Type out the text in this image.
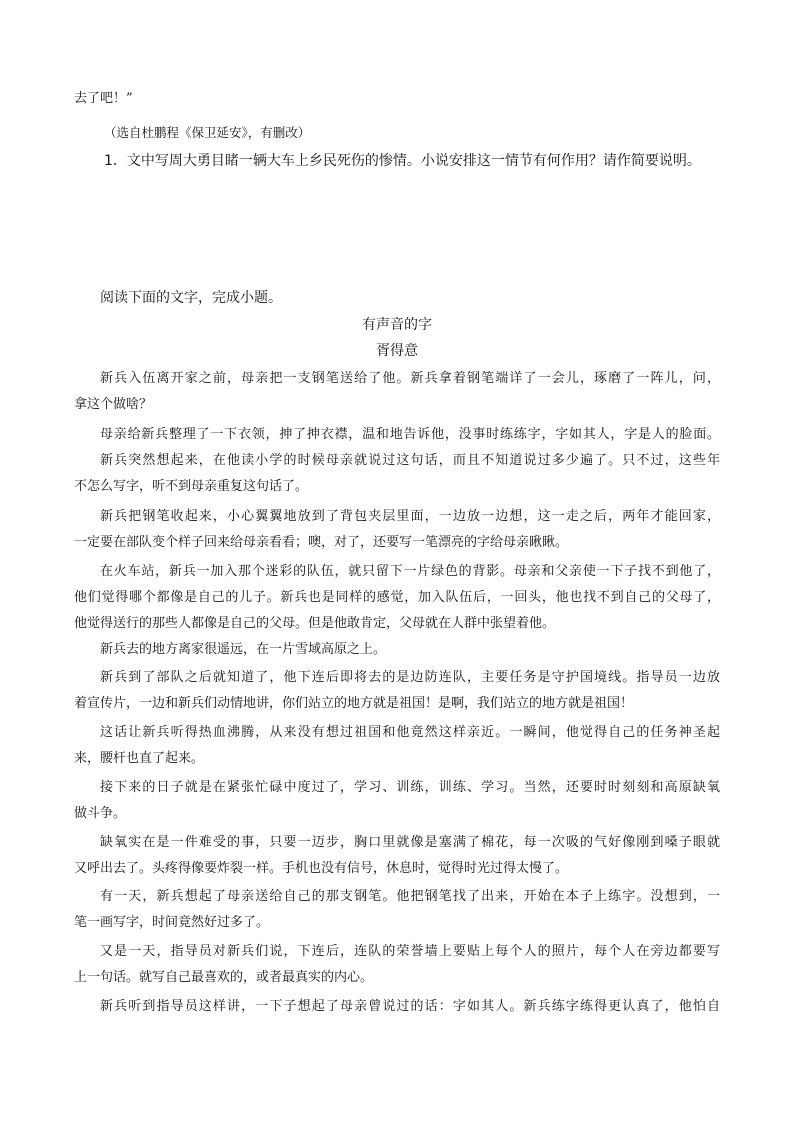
去了吧！”
（选自杜鹏程《保卫延安》，有删改）
1．文中写周大勇目睹一辆大车上乡民死伤的惨情。小说安排这一情节有何作用？请作简要说明。
阅读下面的文字，完成小题。
有声音的字
胥得意
新兵入伍离开家之前，母亲把一支钢笔送给了他。新兵拿着钢笔端详了一会儿，琢磨了一阵儿，问，
拿这个做啥？
母亲给新兵整理了一下衣领，抻了抻衣襟，温和地告诉他，没事时练练字，字如其人，字是人的脸面。
新兵突然想起来，在他读小学的时候母亲就说过这句话，而且不知道说过多少遍了。只不过，这些年
不怎么写字，听不到母亲重复这句话了。
新兵把钢笔收起来，小心翼翼地放到了背包夹层里面，一边放一边想，这一走之后，两年才能回家，
一定要在部队变个样子回来给母亲看看；噢，对了，还要写一笔漂亮的字给母亲瞅瞅。
在火车站，新兵一加入那个迷彩的队伍，就只留下一片绿色的背影。母亲和父亲使一下子找不到他了，
他们觉得哪个都像是自己的儿子。新兵也是同样的感觉，加入队伍后，一回头，他也找不到自己的父母了，
他觉得送行的那些人都像是自己的父母。但是他敢肯定，父母就在人群中张望着他。
新兵去的地方离家很遥远，在一片雪域高原之上。
新兵到了部队之后就知道了，他下连后即将去的是边防连队，主要任务是守护国境线。指导员一边放
着宣传片，一边和新兵们动情地讲，你们站立的地方就是祖国！是啊，我们站立的地方就是祖国！
这话让新兵听得热血沸腾，从来没有想过祖国和他竟然这样亲近。一瞬间，他觉得自己的任务神圣起
来，腰杆也直了起来。
接下来的日子就是在紧张忙碌中度过了，学习、训练，训练、学习。当然，还要时时刻刻和高原缺氧
做斗争。
缺氧实在是一件难受的事，只要一迈步，胸口里就像是塞满了棉花，每一次吸的气好像刚到嗓子眼就
又呼出去了。头疼得像要炸裂一样。手机也没有信号，休息时，觉得时光过得太慢了。
有一天，新兵想起了母亲送给自己的那支钢笔。他把钢笔找了出来，开始在本子上练字。没想到，一
笔一画写字，时间竟然好过多了。
又是一天，指导员对新兵们说，下连后，连队的荣誉墙上要贴上每个人的照片，每个人在旁边都要写
上一句话。就写自己最喜欢的，或者最真实的内心。
新兵听到指导员这样讲，一下子想起了母亲曾说过的话：字如其人。新兵练字练得更认真了，他怕自
